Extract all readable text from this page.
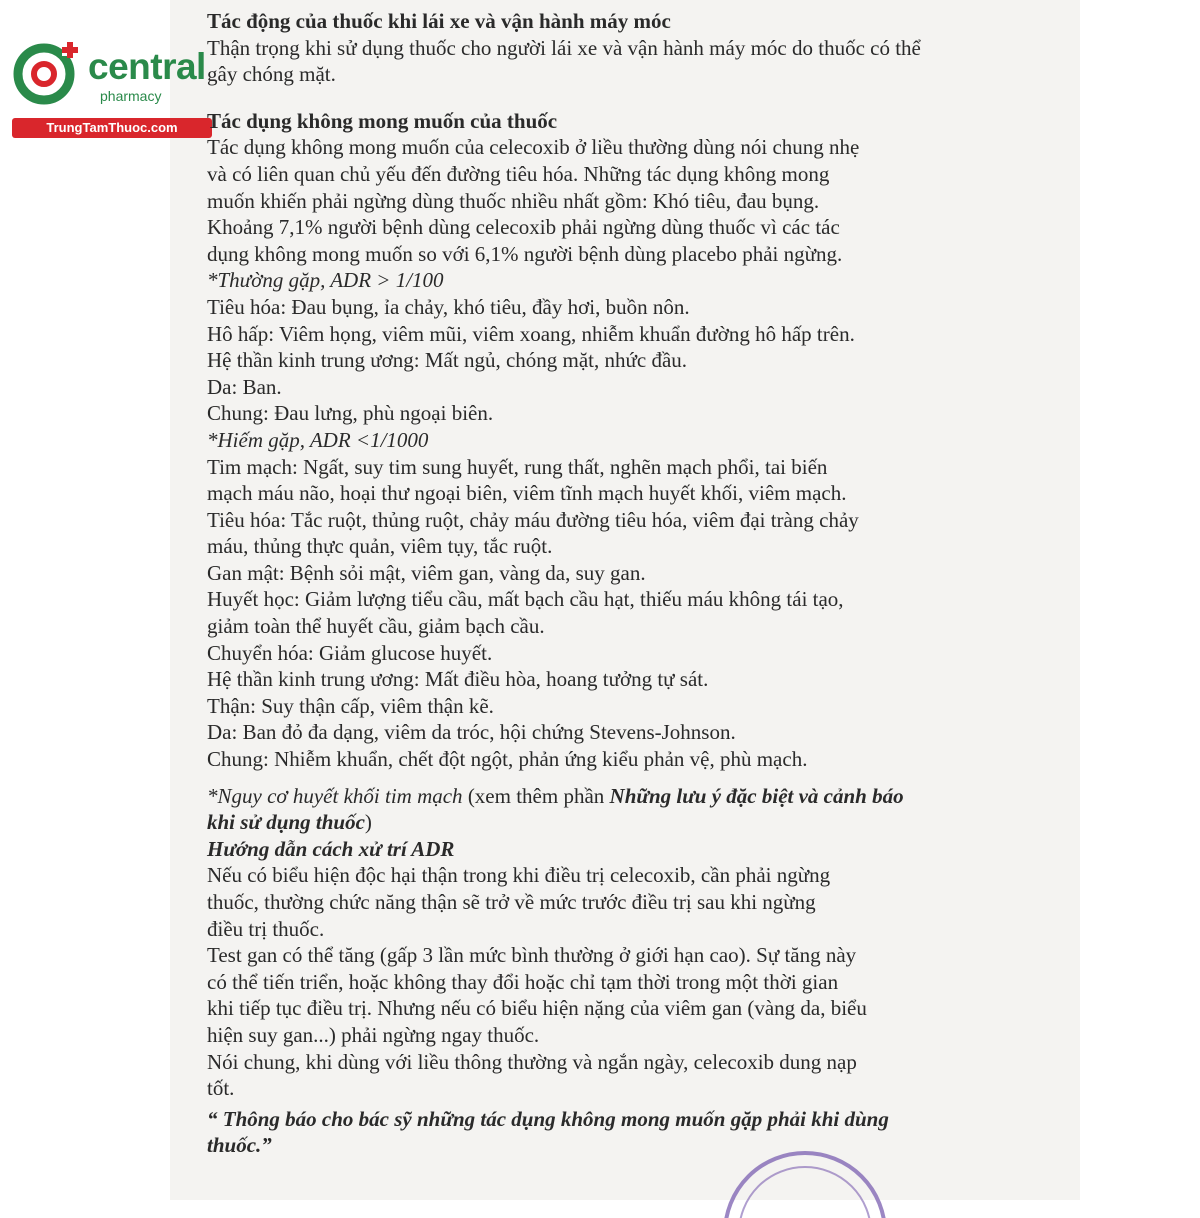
central
pharmacy
TrungTamThuoc.com

Tác động của thuốc khi lái xe và vận hành máy móc

Thận trọng khi sử dụng thuốc cho người lái xe và vận hành máy móc do thuốc có thể

gây chóng mặt.

Tác dụng không mong muốn của thuốc

Tác dụng không mong muốn của celecoxib ở liều thường dùng nói chung nhẹ

và có liên quan chủ yếu đến đường tiêu hóa. Những tác dụng không mong

muốn khiến phải ngừng dùng thuốc nhiều nhất gồm: Khó tiêu, đau bụng.

Khoảng 7,1% người bệnh dùng celecoxib phải ngừng dùng thuốc vì các tác

dụng không mong muốn so với 6,1% người bệnh dùng placebo phải ngừng.

*Thường gặp, ADR > 1/100

Tiêu hóa: Đau bụng, ỉa chảy, khó tiêu, đầy hơi, buồn nôn.

Hô hấp: Viêm họng, viêm mũi, viêm xoang, nhiễm khuẩn đường hô hấp trên.

Hệ thần kinh trung ương: Mất ngủ, chóng mặt, nhức đầu.

Da: Ban.

Chung: Đau lưng, phù ngoại biên.

*Hiếm gặp, ADR <1/1000

Tim mạch: Ngất, suy tim sung huyết, rung thất, nghẽn mạch phổi, tai biến

mạch máu não, hoại thư ngoại biên, viêm tĩnh mạch huyết khối, viêm mạch.

Tiêu hóa: Tắc ruột, thủng ruột, chảy máu đường tiêu hóa, viêm đại tràng chảy

máu, thủng thực quản, viêm tụy, tắc ruột.

Gan mật: Bệnh sỏi mật, viêm gan, vàng da, suy gan.

Huyết học: Giảm lượng tiểu cầu, mất bạch cầu hạt, thiếu máu không tái tạo,

giảm toàn thể huyết cầu, giảm bạch cầu.

Chuyển hóa: Giảm glucose huyết.

Hệ thần kinh trung ương: Mất điều hòa, hoang tưởng tự sát.

Thận: Suy thận cấp, viêm thận kẽ.

Da: Ban đỏ đa dạng, viêm da tróc, hội chứng Stevens-Johnson.

Chung: Nhiễm khuẩn, chết đột ngột, phản ứng kiểu phản vệ, phù mạch.

*Nguy cơ huyết khối tim mạch (xem thêm phần Những lưu ý đặc biệt và cảnh báo

khi sử dụng thuốc)

Hướng dẫn cách xử trí ADR

Nếu có biểu hiện độc hại thận trong khi điều trị celecoxib, cần phải ngừng

thuốc, thường chức năng thận sẽ trở về mức trước điều trị sau khi ngừng

điều trị thuốc.

Test gan có thể tăng (gấp 3 lần mức bình thường ở giới hạn cao). Sự tăng này

có thể tiến triển, hoặc không thay đổi hoặc chỉ tạm thời trong một thời gian

khi tiếp tục điều trị. Nhưng nếu có biểu hiện nặng của viêm gan (vàng da, biểu

hiện suy gan...) phải ngừng ngay thuốc.

Nói chung, khi dùng với liều thông thường và ngắn ngày, celecoxib dung nạp

tốt.

“ Thông báo cho bác sỹ những tác dụng không mong muốn gặp phải khi dùng

thuốc.”
